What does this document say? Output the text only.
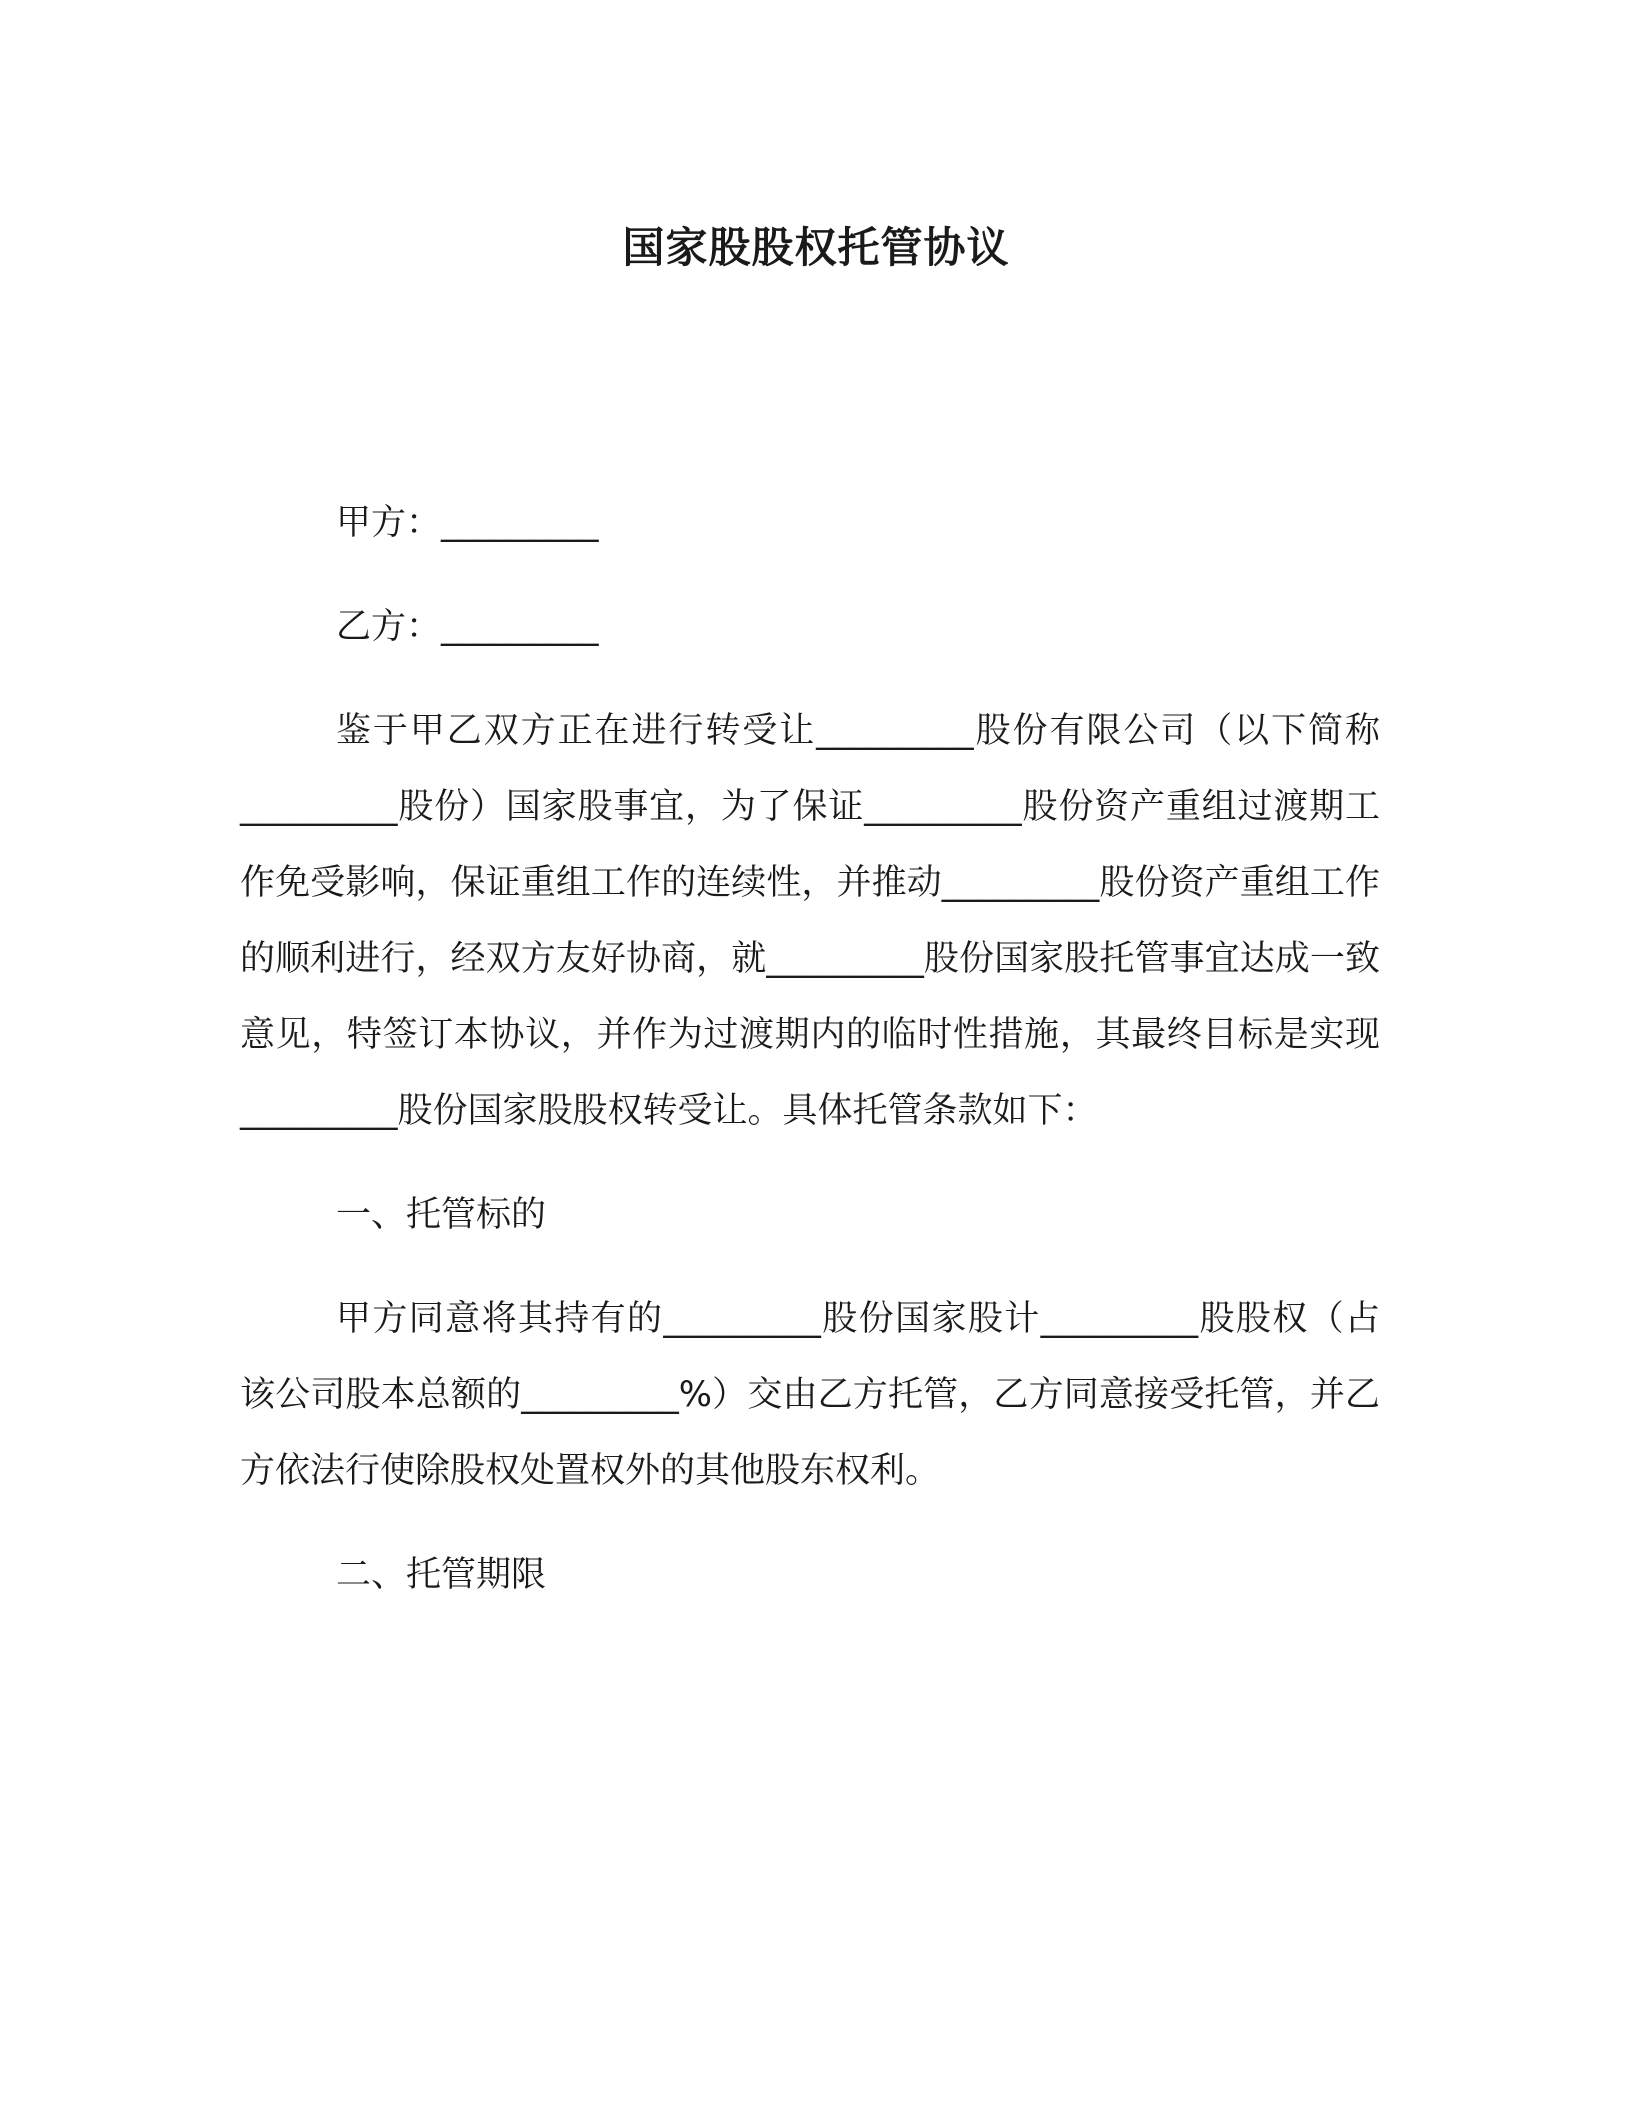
国家股股权托管协议

甲方：_________

乙方：_________

鉴于甲乙双方正在进行转受让_________股份有限公司（以下简称_________股份）国家股事宜，为了保证_________股份资产重组过渡期工作免受影响，保证重组工作的连续性，并推动_________股份资产重组工作的顺利进行，经双方友好协商，就_________股份国家股托管事宜达成一致意见，特签订本协议，并作为过渡期内的临时性措施，其最终目标是实现_________股份国家股股权转受让。具体托管条款如下：

一、托管标的

甲方同意将其持有的_________股份国家股计_________股股权（占该公司股本总额的_________%）交由乙方托管，乙方同意接受托管，并乙方依法行使除股权处置权外的其他股东权利。

二、托管期限
